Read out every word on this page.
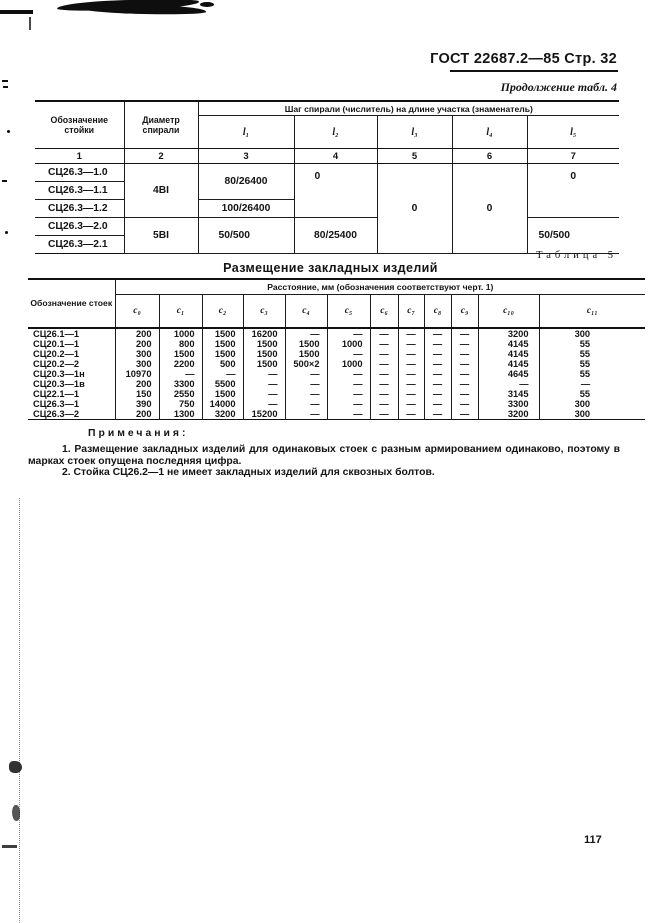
ГОСТ 22687.2—85 Стр. 32
Продолжение табл. 4
Обозначение стойки	Диаметр спирали	Шаг спирали (числитель) на длине участка (знаменатель)				
		l₁	l₂	l₃	l₄	l₅
1	2	3	4	5	6	7
СЦ26.3—1.0	4ВI	80/26400	0	0	0	0
СЦ26.3—1.1						
СЦ26.3—1.2		100/26400				
СЦ26.3—2.0	5ВI	50/500	80/25400			50/500
СЦ26.3—2.1						
Таблица 5
Размещение закладных изделий
Обозначение стоек	Расстояние, мм (обозначения соответствуют черт. 1)											
	с₀	с₁	с₂	с₃	с₄	с₅	с₆	с₇	с₈	с₉	с₁₀	с₁₁
СЦ26.1—1	200	1000	1500	16200	—	—	—	—	—	—	3200	300
СЦ20.1—1	200	800	1500	1500	1500	1000	—	—	—	—	4145	55
СЦ20.2—1	300	1500	1500	1500	1500	—	—	—	—	—	4145	55
СЦ20.2—2	300	2200	500	1500	500×2	1000	—	—	—	—	4145	55
СЦ20.3—1н	10970	—	—	—	—	—	—	—	—	—	4645	55
СЦ20.3—1в	200	3300	5500	—	—	—	—	—	—	—	—	—
СЦ22.1—1	150	2550	1500	—	—	—	—	—	—	—	3145	55
СЦ26.3—1	390	750	14000	—	—	—	—	—	—	—	3300	300
СЦ26.3—2	200	1300	3200	15200	—	—	—	—	—	—	3200	300
Примечания:

1. Размещение закладных изделий для одинаковых стоек с разным армированием одинаково, поэтому в марках стоек опущена последняя цифра.

2. Стойка СЦ26.2—1 не имеет закладных изделий для сквозных болтов.

117
